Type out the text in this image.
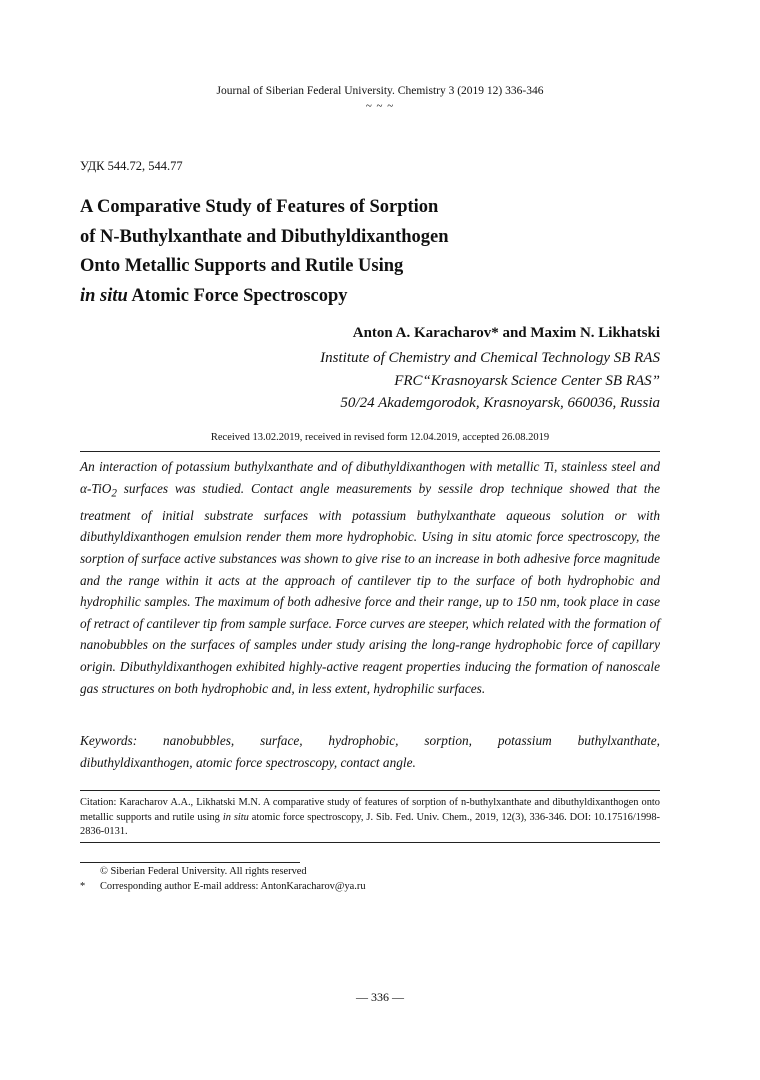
Journal of Siberian Federal University. Chemistry 3 (2019 12) 336-346
~ ~ ~
УДК 544.72, 544.77
A Comparative Study of Features of Sorption
of N-Buthylxanthate and Dibuthyldixanthogen
Onto Metallic Supports and Rutile Using
in situ Atomic Force Spectroscopy
Anton A. Karacharov* and Maxim N. Likhatski
Institute of Chemistry and Chemical Technology SB RAS
FRC“Krasnoyarsk Science Center SB RAS”
50/24 Akademgorodok, Krasnoyarsk, 660036, Russia
Received 13.02.2019, received in revised form 12.04.2019, accepted 26.08.2019
An interaction of potassium buthylxanthate and of dibuthyldixanthogen with metallic Ti, stainless steel and α-TiO$_2$ surfaces was studied. Contact angle measurements by sessile drop technique showed that the treatment of initial substrate surfaces with potassium buthylxanthate aqueous solution or with dibuthyldixanthogen emulsion render them more hydrophobic. Using in situ atomic force spectroscopy, the sorption of surface active substances was shown to give rise to an increase in both adhesive force magnitude and the range within it acts at the approach of cantilever tip to the surface of both hydrophobic and hydrophilic samples. The maximum of both adhesive force and their range, up to 150 nm, took place in case of retract of cantilever tip from sample surface. Force curves are steeper, which related with the formation of nanobubbles on the surfaces of samples under study arising the long-range hydrophobic force of capillary origin. Dibuthyldixanthogen exhibited highly-active reagent properties inducing the formation of nanoscale gas structures on both hydrophobic and, in less extent, hydrophilic surfaces.
Keywords: nanobubbles, surface, hydrophobic, sorption, potassium buthylxanthate,
dibuthyldixanthogen, atomic force spectroscopy, contact angle.
Citation: Karacharov A.A., Likhatski M.N. A comparative study of features of sorption of n-buthylxanthate and dibuthyldixanthogen onto metallic supports and rutile using in situ atomic force spectroscopy, J. Sib. Fed. Univ. Chem., 2019, 12(3), 336-346. DOI: 10.17516/1998-2836-0131.
© Siberian Federal University. All rights reserved
* Corresponding author E-mail address: AntonKaracharov@ya.ru
— 336 —
